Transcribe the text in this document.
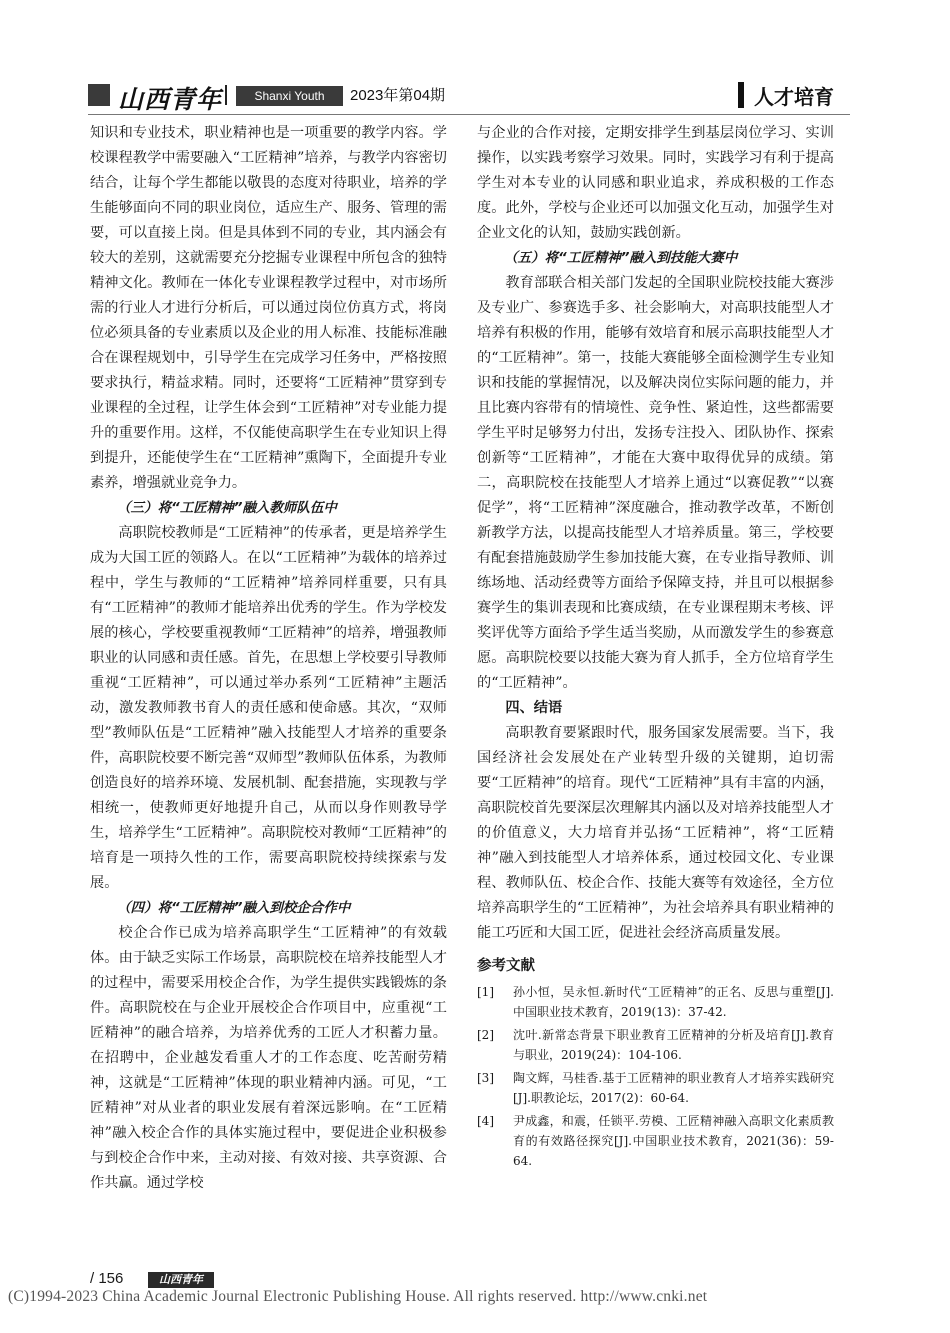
山西青年	Shanxi Youth	2023年第04期	人才培育

知识和专业技术，职业精神也是一项重要的教学内容。学校课程教学中需要融入“工匠精神”培养，与教学内容密切结合，让每个学生都能以敬畏的态度对待职业，培养的学生能够面向不同的职业岗位，适应生产、服务、管理的需要，可以直接上岗。但是具体到不同的专业，其内涵会有较大的差别，这就需要充分挖掘专业课程中所包含的独特精神文化。教师在一体化专业课程教学过程中，对市场所需的行业人才进行分析后，可以通过岗位仿真方式，将岗位必须具备的专业素质以及企业的用人标准、技能标准融合在课程规划中，引导学生在完成学习任务中，严格按照要求执行，精益求精。同时，还要将“工匠精神”贯穿到专业课程的全过程，让学生体会到“工匠精神”对专业能力提升的重要作用。这样，不仅能使高职学生在专业知识上得到提升，还能使学生在“工匠精神”熏陶下，全面提升专业素养，增强就业竞争力。

（三）将“工匠精神”融入教师队伍中

高职院校教师是“工匠精神”的传承者，更是培养学生成为大国工匠的领路人。在以“工匠精神”为载体的培养过程中，学生与教师的“工匠精神”培养同样重要，只有具有“工匠精神”的教师才能培养出优秀的学生。作为学校发展的核心，学校要重视教师“工匠精神”的培养，增强教师职业的认同感和责任感。首先，在思想上学校要引导教师重视“工匠精神”，可以通过举办系列“工匠精神”主题活动，激发教师教书育人的责任感和使命感。其次，“双师型”教师队伍是“工匠精神”融入技能型人才培养的重要条件，高职院校要不断完善“双师型”教师队伍体系，为教师创造良好的培养环境、发展机制、配套措施，实现教与学相统一，使教师更好地提升自己，从而以身作则教导学生，培养学生“工匠精神”。高职院校对教师“工匠精神”的培育是一项持久性的工作，需要高职院校持续探索与发展。

（四）将“工匠精神”融入到校企合作中

校企合作已成为培养高职学生“工匠精神”的有效载体。由于缺乏实际工作场景，高职院校在培养技能型人才的过程中，需要采用校企合作，为学生提供实践锻炼的条件。高职院校在与企业开展校企合作项目中，应重视“工匠精神”的融合培养，为培养优秀的工匠人才积蓄力量。在招聘中，企业越发看重人才的工作态度、吃苦耐劳精神，这就是“工匠精神”体现的职业精神内涵。可见，“工匠精神”对从业者的职业发展有着深远影响。在“工匠精神”融入校企合作的具体实施过程中，要促进企业积极参与到校企合作中来，主动对接、有效对接、共享资源、合作共赢。通过学校

与企业的合作对接，定期安排学生到基层岗位学习、实训操作，以实践考察学习效果。同时，实践学习有利于提高学生对本专业的认同感和职业追求，养成积极的工作态度。此外，学校与企业还可以加强文化互动，加强学生对企业文化的认知，鼓励实践创新。

（五）将“工匠精神”融入到技能大赛中

教育部联合相关部门发起的全国职业院校技能大赛涉及专业广、参赛选手多、社会影响大，对高职技能型人才培养有积极的作用，能够有效培育和展示高职技能型人才的“工匠精神”。第一，技能大赛能够全面检测学生专业知识和技能的掌握情况，以及解决岗位实际问题的能力，并且比赛内容带有的情境性、竞争性、紧迫性，这些都需要学生平时足够努力付出，发扬专注投入、团队协作、探索创新等“工匠精神”，才能在大赛中取得优异的成绩。第二，高职院校在技能型人才培养上通过“以赛促教”“以赛促学”，将“工匠精神”深度融合，推动教学改革，不断创新教学方法，以提高技能型人才培养质量。第三，学校要有配套措施鼓励学生参加技能大赛，在专业指导教师、训练场地、活动经费等方面给予保障支持，并且可以根据参赛学生的集训表现和比赛成绩，在专业课程期末考核、评奖评优等方面给予学生适当奖励，从而激发学生的参赛意愿。高职院校要以技能大赛为育人抓手，全方位培育学生的“工匠精神”。

四、结语

高职教育要紧跟时代，服务国家发展需要。当下，我国经济社会发展处在产业转型升级的关键期，迫切需要“工匠精神”的培育。现代“工匠精神”具有丰富的内涵，高职院校首先要深层次理解其内涵以及对培养技能型人才的价值意义，大力培育并弘扬“工匠精神”，将“工匠精神”融入到技能型人才培养体系，通过校园文化、专业课程、教师队伍、校企合作、技能大赛等有效途径，全方位培养高职学生的“工匠精神”，为社会培养具有职业精神的能工巧匠和大国工匠，促进社会经济高质量发展。

参考文献
[1]	孙小恒，吴永恒.新时代“工匠精神”的正名、反思与重塑[J].中国职业技术教育，2019(13)：37-42.
[2]	沈叶.新常态背景下职业教育工匠精神的分析及培育[J].教育与职业，2019(24)：104-106.
[3]	陶文辉，马桂香.基于工匠精神的职业教育人才培养实践研究[J].职教论坛，2017(2)：60-64.
[4]	尹成鑫，和震，任锁平.劳模、工匠精神融入高职文化素质教育的有效路径探究[J].中国职业技术教育，2021(36)：59-64.
/ 156	山西青年
(C)1994-2023 China Academic Journal Electronic Publishing House. All rights reserved. http://www.cnki.net
